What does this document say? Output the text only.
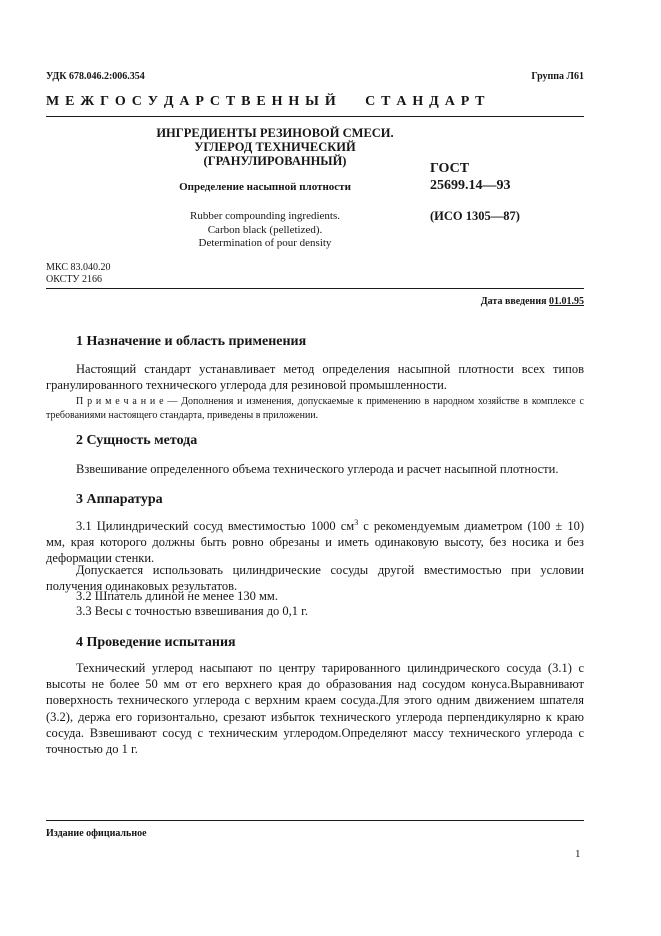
УДК 678.046.2:006.354	Группа Л61
М Е Ж Г О С У Д А Р С Т В Е Н Н Ы Й      С Т А Н Д А Р Т
ИНГРЕДИЕНТЫ РЕЗИНОВОЙ СМЕСИ.
УГЛЕРОД ТЕХНИЧЕСКИЙ
(ГРАНУЛИРОВАННЫЙ)
Определение насыпной плотности
Rubber compounding ingredients.
Carbon black (pelletized).
Determination of pour density
ГОСТ
25699.14—93
(ИСО 1305—87)
МКС 83.040.20
ОКСТУ 2166
Дата введения 01.01.95
1 Назначение и область применения
Настоящий стандарт устанавливает метод определения насыпной плотности всех типов гранулированного технического углерода для резиновой промышленности.
П р и м е ч а н и е — Дополнения и изменения, допускаемые к применению в народном хозяйстве в комплексе с требованиями настоящего стандарта, приведены в приложении.
2 Сущность метода
Взвешивание определенного объема технического углерода и расчет насыпной плотности.
3 Аппаратура
3.1 Цилиндрический сосуд вместимостью 1000 $см^3$ с рекомендуемым диаметром (100 ± 10) мм, края которого должны быть ровно обрезаны и иметь одинаковую высоту, без носика и без деформации стенки.
Допускается использовать цилиндрические сосуды другой вместимостью при условии получения одинаковых результатов.
3.2 Шпатель длиной не менее 130 мм.
3.3 Весы с точностью взвешивания до 0,1 г.
4 Проведение испытания
Технический углерод насыпают по центру тарированного цилиндрического сосуда (3.1) с высоты не более 50 мм от его верхнего края до образования над сосудом конуса.Выравнивают поверхность технического углерода с верхним краем сосуда.Для этого одним движением шпателя (3.2), держа его горизонтально, срезают избыток технического углерода перпендикулярно к краю сосуда. Взвешивают сосуд с техническим углеродом.Определяют массу технического углерода с точностью до 1 г.
Издание официальное
1
